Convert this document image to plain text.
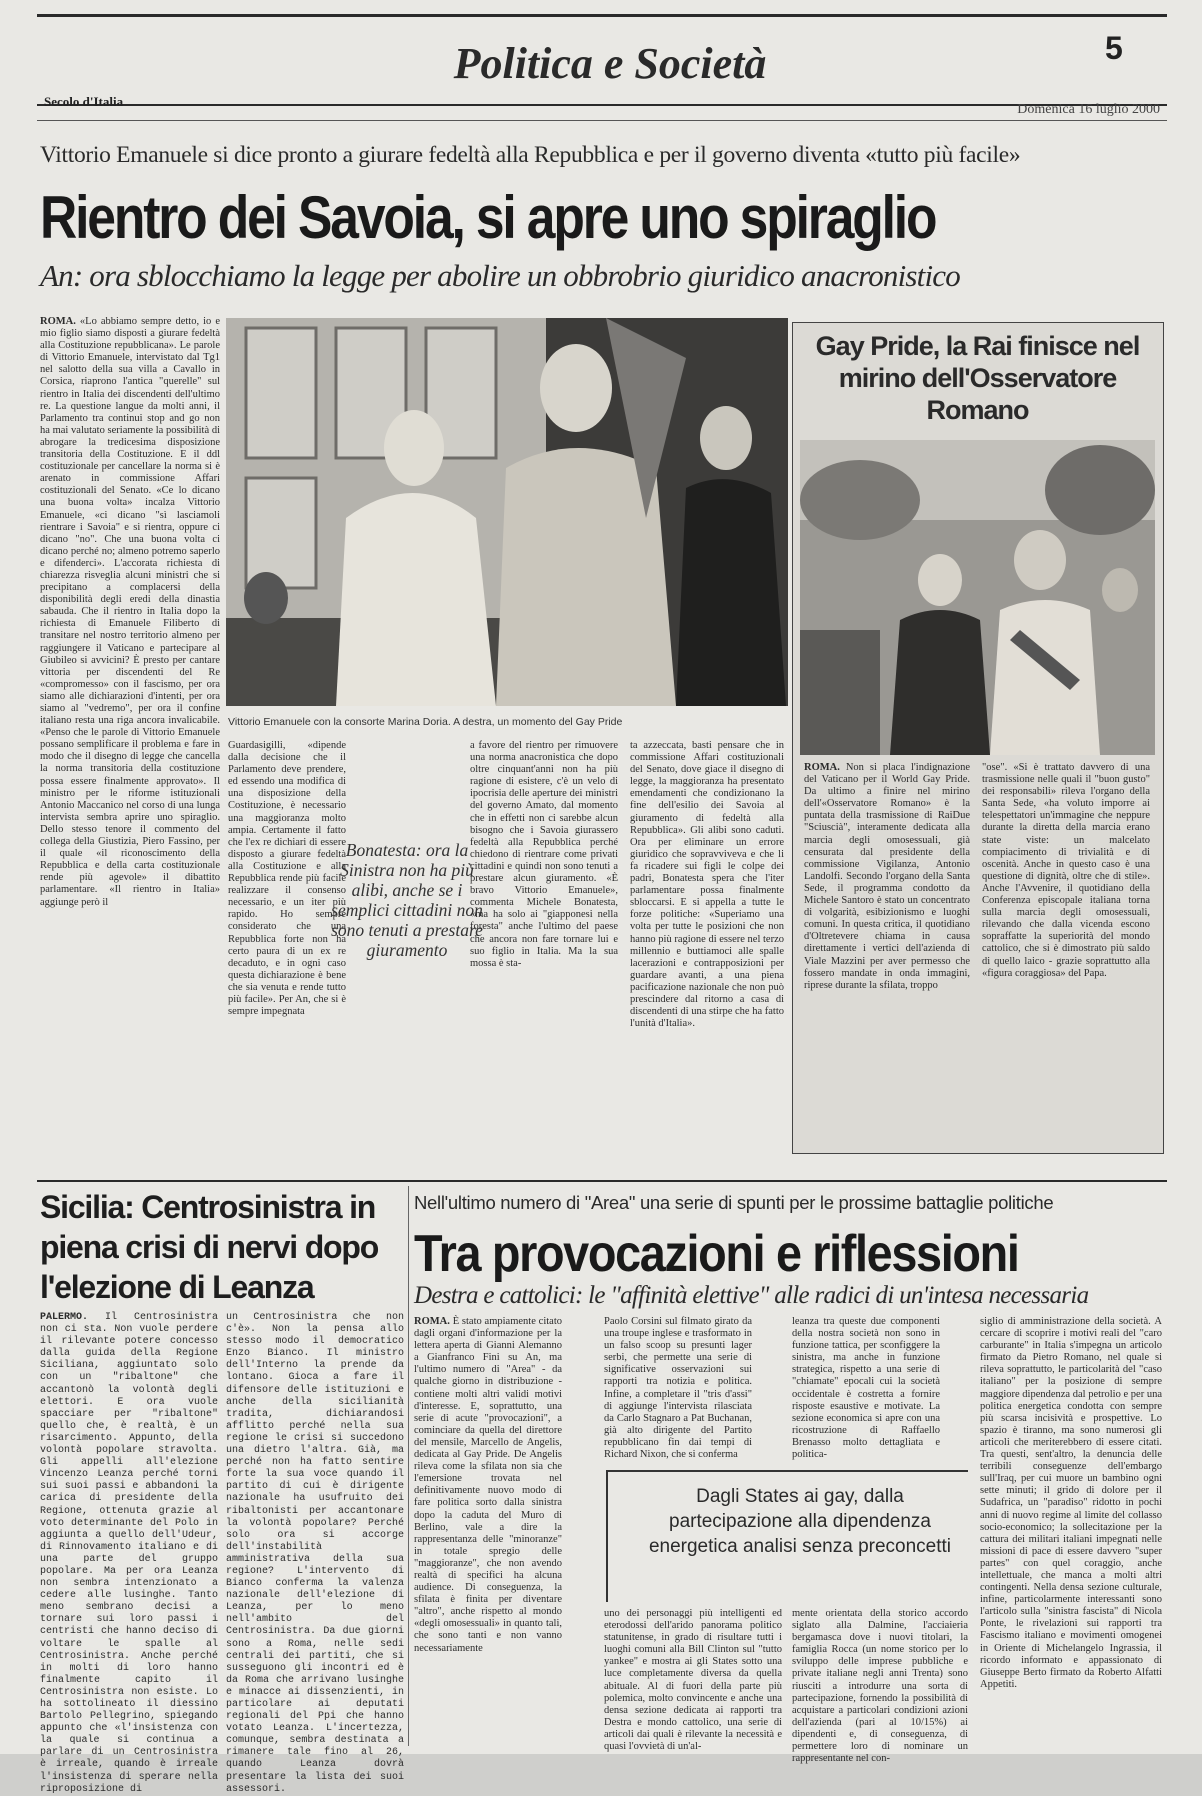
Politica e Società	5
Secolo d'Italia
Domenica 16 luglio 2000
Vittorio Emanuele si dice pronto a giurare fedeltà alla Repubblica e per il governo diventa «tutto più facile»
Rientro dei Savoia, si apre uno spiraglio
An: ora sblocchiamo la legge per abolire un obbrobrio giuridico anacronistico

ROMA. «Lo abbiamo sempre detto, io e mio figlio siamo disposti a giurare fedeltà alla Costituzione repubblicana». Le parole di Vittorio Emanuele, intervistato dal Tg1 nel salotto della sua villa a Cavallo in Corsica, riaprono l'antica "querelle" sul rientro in Italia dei discendenti dell'ultimo re. La questione langue da molti anni, il Parlamento tra continui stop and go non ha mai valutato seriamente la possibilità di abrogare la tredicesima disposizione transitoria della Costituzione. E il ddl costituzionale per cancellare la norma si è arenato in commissione Affari costituzionali del Senato. «Ce lo dicano una buona volta» incalza Vittorio Emanuele, «ci dicano "sì lasciamoli rientrare i Savoia" e si rientra, oppure ci dicano "no". Che una buona volta ci dicano perché no; almeno potremo saperlo e difenderci». L'accorata richiesta di chiarezza risveglia alcuni ministri che si precipitano a complacersi della disponibilità degli eredi della dinastia sabauda. Che il rientro in Italia dopo la richiesta di Emanuele Filiberto di transitare nel nostro territorio almeno per raggiungere il Vaticano e partecipare al Giubileo si avvicini? È presto per cantare vittoria per discendenti del Re «compromesso» con il fascismo, per ora siamo alle dichiarazioni d'intenti, per ora siamo al "vedremo", per ora il confine italiano resta una riga ancora invalicabile. «Penso che le parole di Vittorio Emanuele possano semplificare il problema e fare in modo che il disegno di legge che cancella la norma transitoria della costituzione possa essere finalmente approvato». Il ministro per le riforme istituzionali Antonio Maccanico nel corso di una lunga intervista sembra aprire uno spiraglio. Dello stesso tenore il commento del collega della Giustizia, Piero Fassino, per il quale «il riconoscimento della Repubblica e della carta costituzionale rende più agevole» il dibattito parlamentare. «Il rientro in Italia» aggiunge però il

Vittorio Emanuele con la consorte Marina Doria. A destra, un momento del Gay Pride

Guardasigilli, «dipende dalla decisione che il Parlamento deve prendere, ed essendo una modifica di una disposizione della Costituzione, è necessario una maggioranza molto ampia. Certamente il fatto che l'ex re dichiari di essere disposto a giurare fedeltà alla Costituzione e alla Repubblica rende più facile realizzare il consenso necessario, e un iter più rapido. Ho sempre considerato che una Repubblica forte non ha certo paura di un ex re decaduto, e in ogni caso questa dichiarazione è bene che sia venuta e rende tutto più facile». Per An, che si è sempre impegnata

Bonatesta: ora la Sinistra non ha più alibi, anche se i semplici cittadini non sono tenuti a prestare giuramento

a favore del rientro per rimuovere una norma anacronistica che dopo oltre cinquant'anni non ha più ragione di esistere, c'è un velo di ipocrisia delle aperture dei ministri del governo Amato, dal momento che in effetti non ci sarebbe alcun bisogno che i Savoia giurassero fedeltà alla Repubblica perché chiedono di rientrare come privati cittadini e quindi non sono tenuti a prestare alcun giuramento. «È bravo Vittorio Emanuele», commenta Michele Bonatesta, «ma ha solo ai "giapponesi nella foresta" anche l'ultimo del paese che ancora non fare tornare lui e suo figlio in Italia. Ma la sua mossa è sta-

ta azzeccata, basti pensare che in commissione Affari costituzionali del Senato, dove giace il disegno di legge, la maggioranza ha presentato emendamenti che condizionano la fine dell'esilio dei Savoia al giuramento di fedeltà alla Repubblica». Gli alibi sono caduti. Ora per eliminare un errore giuridico che sopravviveva e che li fa ricadere sui figli le colpe dei padri, Bonatesta spera che l'iter parlamentare possa finalmente sbloccarsi. E si appella a tutte le forze politiche: «Superiamo una volta per tutte le posizioni che non hanno più ragione di essere nel terzo millennio e buttiamoci alle spalle lacerazioni e contrapposizioni per guardare avanti, a una piena pacificazione nazionale che non può prescindere dal ritorno a casa di discendenti di una stirpe che ha fatto l'unità d'Italia».

Gay Pride, la Rai finisce nel mirino dell'Osservatore Romano

ROMA. Non si placa l'indignazione del Vaticano per il World Gay Pride. Da ultimo a finire nel mirino dell'«Osservatore Romano» è la puntata della trasmissione di RaiDue "Sciuscià", interamente dedicata alla marcia degli omosessuali, già censurata dal presidente della commissione Vigilanza, Antonio Landolfi. Secondo l'organo della Santa Sede, il programma condotto da Michele Santoro è stato un concentrato di volgarità, esibizionismo e luoghi comuni. In questa critica, il quotidiano d'Oltretevere chiama in causa direttamente i vertici dell'azienda di Viale Mazzini per aver permesso che fossero mandate in onda immagini, riprese durante la sfilata, troppo

"ose". «Si è trattato davvero di una trasmissione nelle quali il "buon gusto" dei responsabili» rileva l'organo della Santa Sede, «ha voluto imporre ai telespettatori un'immagine che neppure durante la diretta della marcia erano state viste: un malcelato compiacimento di trivialità e di oscenità. Anche in questo caso è una questione di dignità, oltre che di stile». Anche l'Avvenire, il quotidiano della Conferenza episcopale italiana torna sulla marcia degli omosessuali, rilevando che dalla vicenda escono sopraffatte la superiorità del mondo cattolico, che si è dimostrato più saldo di quello laico - grazie soprattutto alla «figura coraggiosa» del Papa.

Sicilia: Centrosinistra in piena crisi di nervi dopo l'elezione di Leanza

PALERMO. Il Centrosinistra non ci sta. Non vuole perdere il rilevante potere concesso dalla guida della Regione Siciliana, aggiuntato solo con un "ribaltone" che accantonò la volontà degli elettori. E ora vuole spacciare per "ribaltone" quello che, è realtà, è un risarcimento. Appunto, della volontà popolare stravolta. Gli appelli all'elezione Vincenzo Leanza perché torni sui suoi passi e abbandoni la carica di presidente della Regione, ottenuta grazie al voto determinante del Polo in aggiunta a quello dell'Udeur, di Rinnovamento italiano e di una parte del gruppo popolare. Ma per ora Leanza non sembra intenzionato a cedere alle lusinghe. Tanto meno sembrano decisi a tornare sui loro passi i centristi che hanno deciso di voltare le spalle al Centrosinistra. Anche perché in molti di loro hanno finalmente capito il Centrosinistra non esiste. Lo ha sottolineato il diessino Bartolo Pellegrino, spiegando appunto che «l'insistenza con la quale si continua a parlare di un Centrosinistra è irreale, quando è irreale l'insistenza di sperare nella riproposizione di

un Centrosinistra che non c'è». Non la pensa allo stesso modo il democratico Enzo Bianco. Il ministro dell'Interno la prende da lontano. Gioca a fare il difensore delle istituzioni e anche della sicilianità tradita, dichiarandosi afflitto perché nella sua regione le crisi si succedono una dietro l'altra. Già, ma perché non ha fatto sentire forte la sua voce quando il partito di cui è dirigente nazionale ha usufruito dei ribaltonisti per accantonare la volontà popolare? Perché solo ora si accorge dell'instabilità amministrativa della sua regione? L'intervento di Bianco conferma la valenza nazionale dell'elezione di Leanza, per lo meno nell'ambito del Centrosinistra. Da due giorni sono a Roma, nelle sedi centrali dei partiti, che si susseguono gli incontri ed è da Roma che arrivano lusinghe e minacce ai dissenzienti, in particolare ai deputati regionali del Ppi che hanno votato Leanza. L'incertezza, comunque, sembra destinata a rimanere tale fino al 26, quando Leanza dovrà presentare la lista dei suoi assessori.

Nell'ultimo numero di "Area" una serie di spunti per le prossime battaglie politiche
Tra provocazioni e riflessioni
Destra e cattolici: le "affinità elettive" alle radici di un'intesa necessaria

ROMA. È stato ampiamente citato dagli organi d'informazione per la lettera aperta di Gianni Alemanno a Gianfranco Fini su An, ma l'ultimo numero di "Area" - da qualche giorno in distribuzione - contiene molti altri validi motivi d'interesse. E, soprattutto, una serie di acute "provocazioni", a cominciare da quella del direttore del mensile, Marcello de Angelis, dedicata al Gay Pride. De Angelis rileva come la sfilata non sia che l'emersione trovata nel definitivamente nuovo modo di fare politica sorto dalla sinistra dopo la caduta del Muro di Berlino, vale a dire la rappresentanza delle "minoranze" in totale spregio delle "maggioranze", che non avendo realtà di specifici ha alcuna audience. Di conseguenza, la sfilata è finita per diventare "altro", anche rispetto al mondo «degli omosessuali» in quanto tali, che sono tanti e non vanno necessariamente

Paolo Corsini sul filmato girato da una troupe inglese e trasformato in un falso scoop su presunti lager serbi, che permette una serie di significative osservazioni sui rapporti tra notizia e politica. Infine, a completare il "tris d'assi" di aggiunge l'intervista rilasciata da Carlo Stagnaro a Pat Buchanan, già alto dirigente del Partito repubblicano fin dai tempi di Richard Nixon, che si conferma

leanza tra queste due componenti della nostra società non sono in funzione tattica, per sconfiggere la sinistra, ma anche in funzione strategica, rispetto a una serie di "chiamate" epocali cui la società occidentale è costretta a fornire risposte esaustive e motivate. La sezione economica si apre con una ricostruzione di Raffaello Brenasso molto dettagliata e politica-

Dagli States ai gay, dalla partecipazione alla dipendenza energetica analisi senza preconcetti

uno dei personaggi più intelligenti ed eterodossi dell'arido panorama politico statunitense, in grado di risultare tutti i luoghi comuni alla Bill Clinton sul "tutto yankee" e mostra ai gli States sotto una luce completamente diversa da quella abituale. Al di fuori della parte più polemica, molto convincente e anche una densa sezione dedicata ai rapporti tra Destra e mondo cattolico, una serie di articoli dai quali è rilevante la necessità e quasi l'ovvietà di un'al-

mente orientata della storico accordo siglato alla Dalmine, l'acciaieria bergamasca dove i nuovi titolari, la famiglia Rocca (un nome storico per lo sviluppo delle imprese pubbliche e private italiane negli anni Trenta) sono riusciti a introdurre una sorta di partecipazione, fornendo la possibilità di acquistare a particolari condizioni azioni dell'azienda (pari al 10/15%) ai dipendenti e, di conseguenza, di permettere loro di nominare un rappresentante nel con-

siglio di amministrazione della società. A cercare di scoprire i motivi reali del "caro carburante" in Italia s'impegna un articolo firmato da Pietro Romano, nel quale si rileva soprattutto, le particolarità del "caso italiano" per la posizione di sempre maggiore dipendenza dal petrolio e per una politica energetica condotta con sempre più scarsa incisività e prospettive. Lo spazio è tiranno, ma sono numerosi gli articoli che meriterebbero di essere citati. Tra questi, sent'altro, la denuncia delle terribili conseguenze dell'embargo sull'Iraq, per cui muore un bambino ogni sette minuti; il grido di dolore per il Sudafrica, un "paradiso" ridotto in pochi anni di nuovo regime al limite del collasso socio-economico; la sollecitazione per la cattura dei militari italiani impegnati nelle missioni di pace di essere davvero "super partes" con quel coraggio, anche intellettuale, che manca a molti altri contingenti. Nella densa sezione culturale, infine, particolarmente interessanti sono l'articolo sulla "sinistra fascista" di Nicola Ponte, le rivelazioni sui rapporti tra Fascismo italiano e movimenti omogenei in Oriente di Michelangelo Ingrassia, il ricordo informato e appassionato di Giuseppe Berto firmato da Roberto Alfatti Appetiti.
